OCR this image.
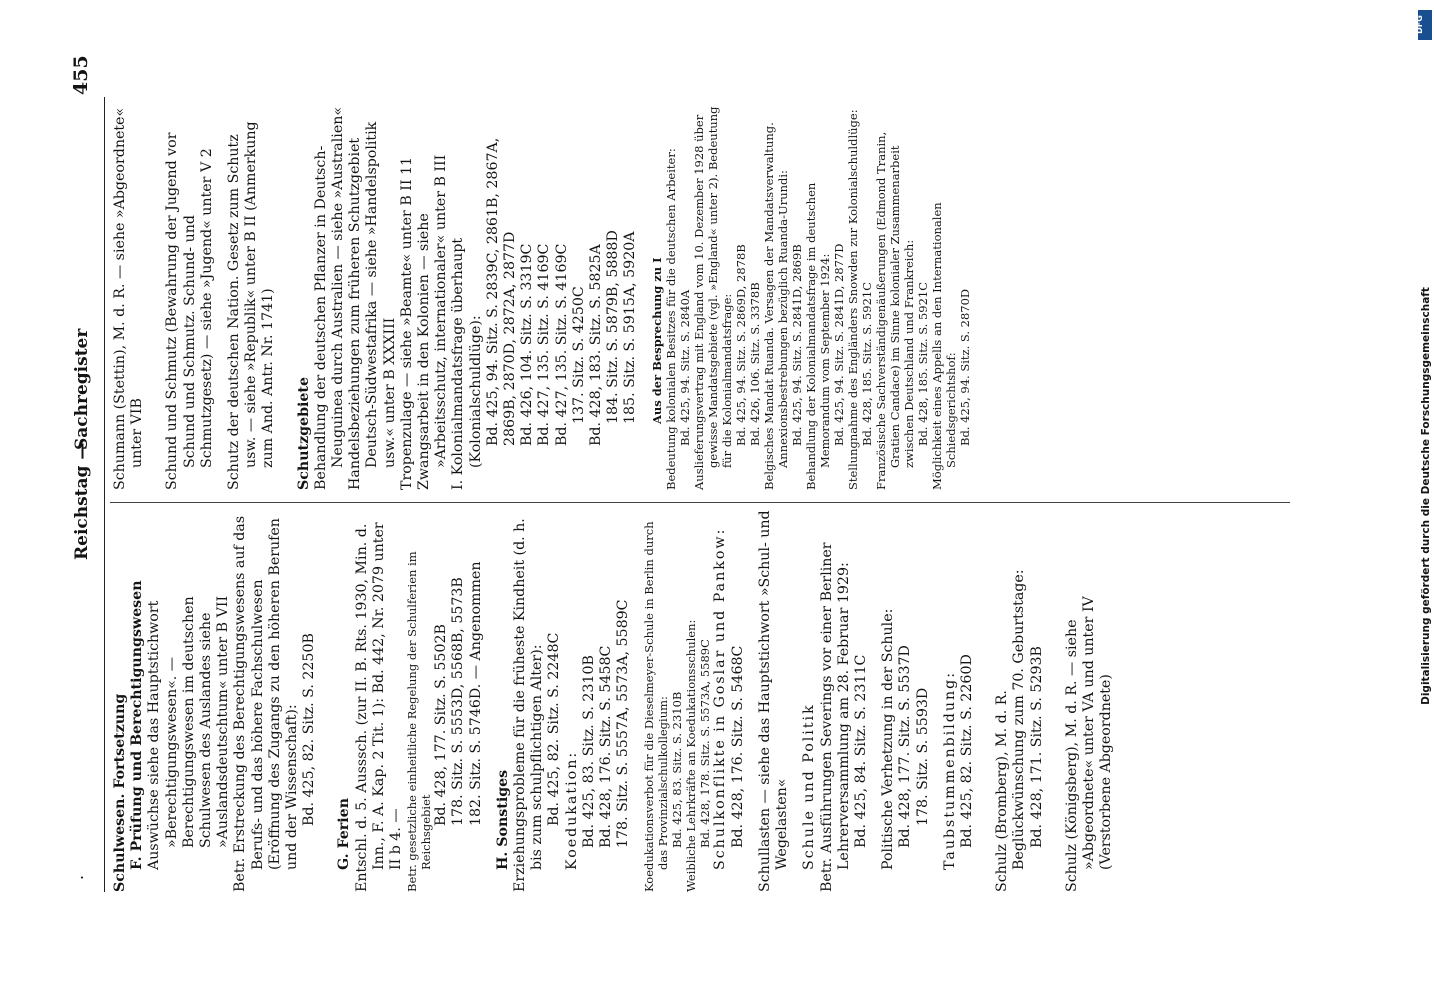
.
Reichstag —
Sachregister
455

Schulwesen. Fortsetzung F. Prüfung und Berechtigungswesen Auswüchse siehe das Hauptstichwort »Berechtigungswesen«. — Berechtigungswesen im deutschen Schulwesen des Auslandes siehe »Auslandsdeutschtum« unter B VII Betr. Erstreckung des Berechtigungswesens auf das Berufs- und das höhere Fachschulwesen (Eröffnung des Zugangs zu den höheren Berufen und der Wissenschaft): Bd. 425, 82. Sitz. S. 2250B

G. Ferien Entschl. d. 5. Ausssch. (zur II. B. Rts. 1930, Min. d. Inn., F. A. Kap. 2 Tit. 1): Bd. 442, Nr. 2079 unter II b 4. — Betr. gesetzliche einheitliche Regelung der Schulferien im Reichsgebiet

Bd. 428, 177. Sitz. S. 5502B 178. Sitz. S. 5553D, 5568B, 5573B 182. Sitz. S. 5746D. — Angenommen H. Sonstiges Erziehungsprobleme für die früheste Kindheit (d. h. bis zum schulpflichtigen Alter): Bd. 425, 82. Sitz. S. 2248C Koedukation: Bd. 425, 83. Sitz. S. 2310B Bd. 428, 176. Sitz. S. 5458C 178. Sitz. S. 5557A, 5573A, 5589C Koedukationsverbot für die Dieselmeyer-Schule in Berlin durch das Provinzialschulkollegium: Bd. 425, 83. Sitz. S. 2310B Weibliche Lehrkräfte an Koedukationsschulen: Bd. 428, 178. Sitz. S. 5573A, 5589C Schulkonflikte in Goslar und Pankow: Bd. 428, 176. Sitz. S. 5468C Schullasten — siehe das Hauptstichwort »Schul- und Wegelasten« Schule und Politik Betr. Ausführungen Severings vor einer Berliner Lehrerversammlung am 28. Februar 1929: Bd. 425, 84. Sitz. S. 2311C Politische Verhetzung in der Schule: Bd. 428, 177. Sitz. S. 5537D 178. Sitz. S. 5593D Taubstummenbildung: Bd. 425, 82. Sitz. S. 2260D Schulz (Bromberg), M. d. R. Beglückwünschung zum 70. Geburtstage: Bd. 428, 171. Sitz. S. 5293B Schulz (Königsberg), M. d. R. — siehe »Abgeordnete« unter VA und unter IV (Verstorbene Abgeordnete)

Schumann (Stettin), M. d. R. — siehe »Abgeordnete« unter VIB Schund und Schmutz (Bewahrung der Jugend vor Schund und Schmutz. Schund- und Schmutzgesetz) — siehe »Jugend« unter V 2 Schutz der deutschen Nation. Gesetz zum Schutz usw. — siehe »Republik« unter B II (Anmerkung zum And. Antr. Nr. 1741) Schutzgebiete Behandlung der deutschen Pflanzer in Deutsch-Neuguinea durch Australien — siehe »Australien« Handelsbeziehungen zum früheren Schutzgebiet Deutsch-Südwestafrika — siehe »Handelspolitik usw.« unter B XXXIII Tropenzulage — siehe »Beamte« unter B II 11 Zwangsarbeit in den Kolonien — siehe »Arbeitsschutz, internationaler« unter B III I. Kolonialmandatsfrage überhaupt (Kolonialschuldlüge): Bd. 425, 94. Sitz. S. 2839C, 2861B, 2867A, 2869B, 2870D, 2872A, 2877D Bd. 426, 104. Sitz. S. 3319C Bd. 427, 135. Sitz. S. 4169C Bd. 427, 135. Sitz. S. 4169C 137. Sitz. S. 4250C Bd. 428, 183. Sitz. S. 5825A 184. Sitz. S. 5879B, 5888D 185. Sitz. S. 5915A, 5920A Aus der Besprechung zu I Bedeutung kolonialen Besitzes für die deutschen Arbeiter: Bd. 425, 94. Sitz. S. 2840A Auslieferungsvertrag mit England vom 10. Dezember 1928 über gewisse Mandatsgebiete (vgl. »England« unter 2). Bedeutung für die Kolonialmandatsfrage: Bd. 425, 94. Sitz. S. 2869D, 2878B Bd. 426, 106. Sitz. S. 3378B Belgisches Mandat Ruanda. Versagen der Mandatsverwaltung. Annexionsbestrebungen bezüglich Ruanda-Urundi: Bd. 425, 94. Sitz. S. 2841D, 2869B Behandlung der Kolonialmandatsfrage im deutschen Memorandum vom September 1924: Bd. 425, 94. Sitz. S. 2841D, 2877D Stellungnahme des Engländers Snowden zur Kolonialschuldlüge: Bd. 428, 185. Sitz. S. 5921C Französische Sachverständigenäußerungen (Edmond Tranin, Gratien Candace) im Sinne kolonialer Zusammenarbeit zwischen Deutschland und Frankreich: Bd. 428, 185. Sitz. S. 5921C Möglichkeit eines Appells an den Internationalen Schiedsgerichtshof: Bd. 425, 94. Sitz. S. 2870D	Digitalisierung gefördert durch die Deutsche Forschungsgemeinschaft
DFG
